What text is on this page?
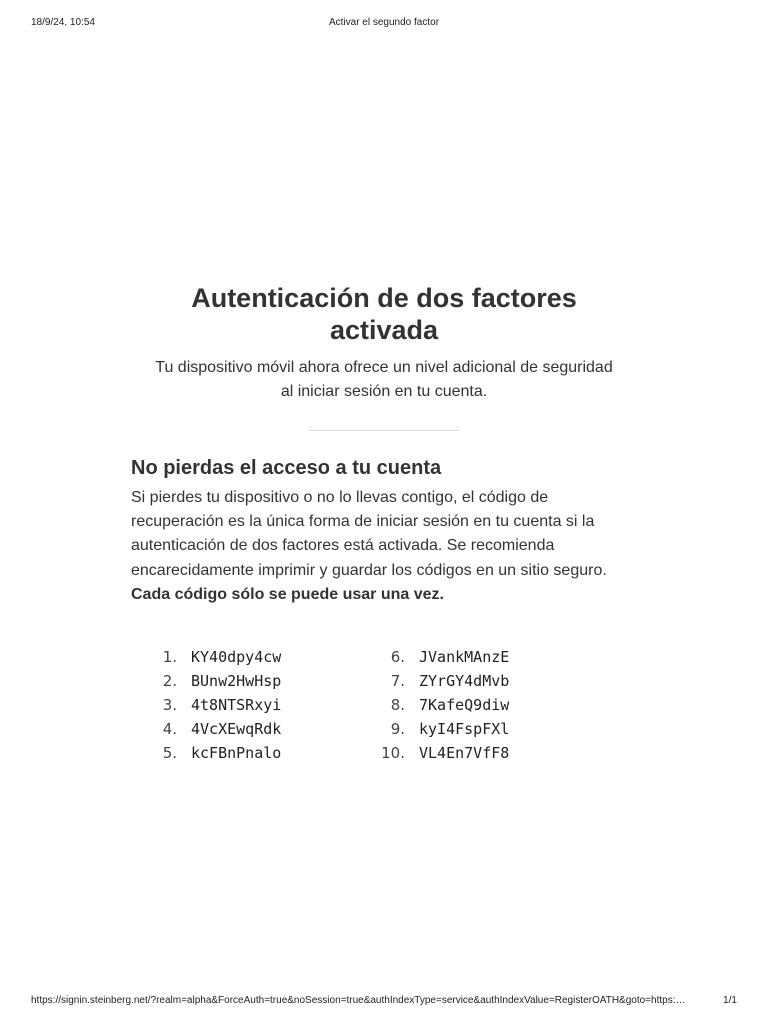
18/9/24, 10:54	Activar el segundo factor
Autenticación de dos factores activada

Tu dispositivo móvil ahora ofrece un nivel adicional de seguridad al iniciar sesión en tu cuenta.

No pierdas el acceso a tu cuenta

Si pierdes tu dispositivo o no lo llevas contigo, el código de recuperación es la única forma de iniciar sesión en tu cuenta si la autenticación de dos factores está activada. Se recomienda encarecidamente imprimir y guardar los códigos en un sitio seguro. Cada código sólo se puede usar una vez.

1. KY40dpy4cw
2. BUnw2HwHsp
3. 4t8NTSRxyi
4. 4VcXEwqRdk
5. kcFBnPnalo
6. JVankMAnzE
7. ZYrGY4dMvb
8. 7KafeQ9diw
9. kyI4FspFXl
10. VL4En7VfF8
https://signin.steinberg.net/?realm=alpha&ForceAuth=true&noSession=true&authIndexType=service&authIndexValue=RegisterOATH&goto=https:…	1/1
